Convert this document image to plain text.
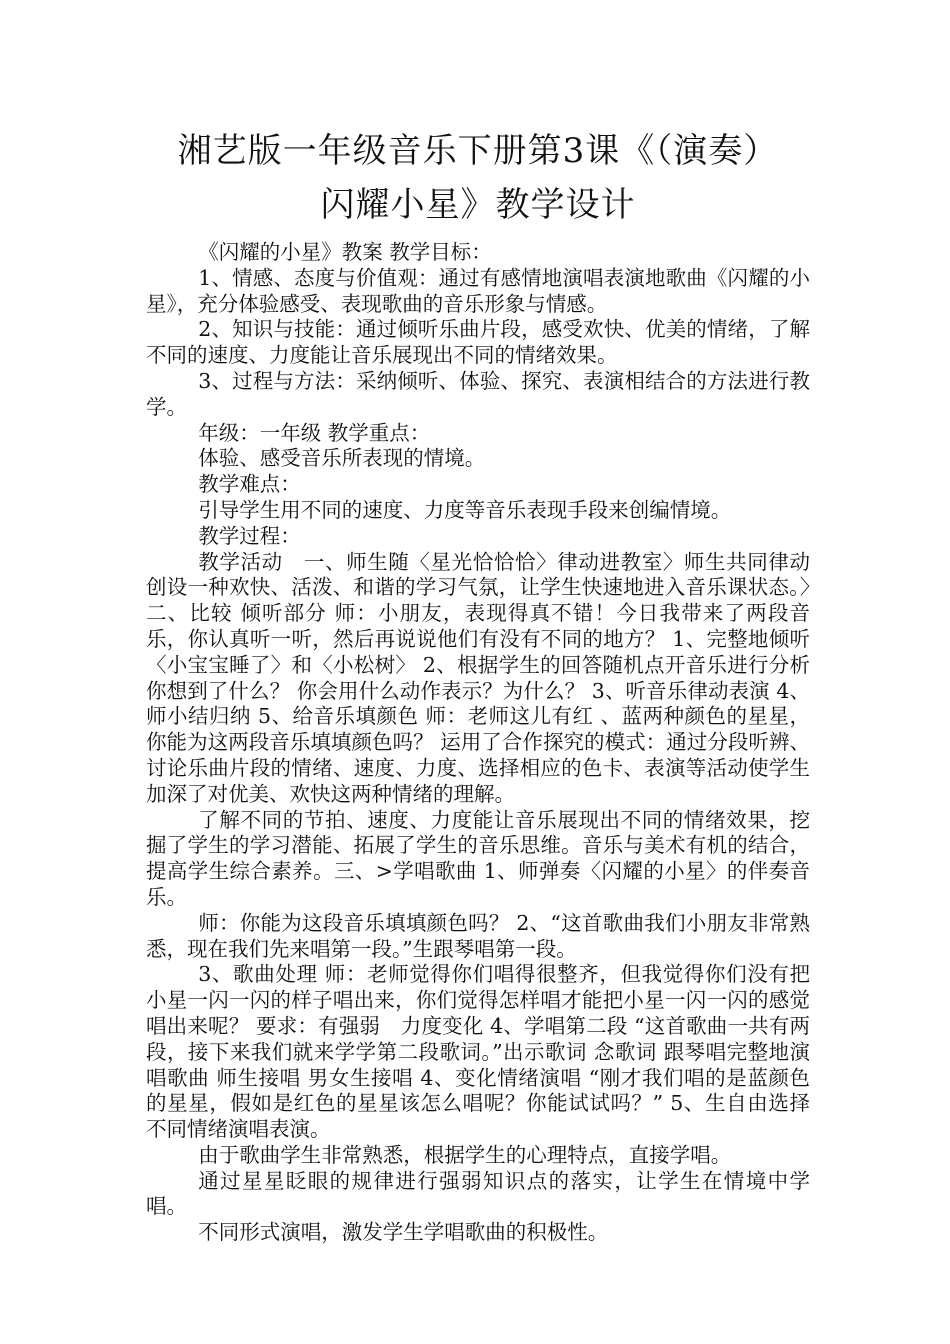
湘艺版一年级音乐下册第3课《（演奏）
闪耀小星》教学设计

《闪耀的小星》教案 教学目标：

1、情感、态度与价值观：通过有感情地演唱表演地歌曲《闪耀的小星》，充分体验感受、表现歌曲的音乐形象与情感。

2、知识与技能：通过倾听乐曲片段，感受欢快、优美的情绪，了解不同的速度、力度能让音乐展现出不同的情绪效果。

3、过程与方法：采纳倾听、体验、探究、表演相结合的方法进行教学。

年级：一年级 教学重点：

体验、感受音乐所表现的情境。

教学难点：

引导学生用不同的速度、力度等音乐表现手段来创编情境。

教学过程：

教学活动　一、师生随〈星光恰恰恰〉律动进教室〉师生共同律动创设一种欢快、活泼、和谐的学习气氛，让学生快速地进入音乐课状态。〉二、比较 倾听部分 师：小朋友，表现得真不错！今日我带来了两段音乐，你认真听一听，然后再说说他们有没有不同的地方？ 1、完整地倾听〈小宝宝睡了〉和〈小松树〉 2、根据学生的回答随机点开音乐进行分析 你想到了什么？ 你会用什么动作表示？为什么？ 3、听音乐律动表演 4、师小结归纳 5、给音乐填颜色 师：老师这儿有红 、蓝两种颜色的星星，你能为这两段音乐填填颜色吗？ 运用了合作探究的模式：通过分段听辨、讨论乐曲片段的情绪、速度、力度、选择相应的色卡、表演等活动使学生加深了对优美、欢快这两种情绪的理解。

了解不同的节拍、速度、力度能让音乐展现出不同的情绪效果，挖掘了学生的学习潜能、拓展了学生的音乐思维。音乐与美术有机的结合，提高学生综合素养。三、>学唱歌曲 1、师弹奏〈闪耀的小星〉的伴奏音乐。

师：你能为这段音乐填填颜色吗？ 2、“这首歌曲我们小朋友非常熟悉，现在我们先来唱第一段。”生跟琴唱第一段。

3、歌曲处理 师：老师觉得你们唱得很整齐，但我觉得你们没有把小星一闪一闪的样子唱出来，你们觉得怎样唱才能把小星一闪一闪的感觉唱出来呢？ 要求：有强弱　力度变化 4、学唱第二段 “这首歌曲一共有两段，接下来我们就来学学第二段歌词。”出示歌词 念歌词 跟琴唱完整地演唱歌曲 师生接唱 男女生接唱 4、变化情绪演唱 “刚才我们唱的是蓝颜色的星星，假如是红色的星星该怎么唱呢？你能试试吗？” 5、生自由选择不同情绪演唱表演。

由于歌曲学生非常熟悉，根据学生的心理特点，直接学唱。

通过星星眨眼的规律进行强弱知识点的落实，让学生在情境中学唱。

不同形式演唱，激发学生学唱歌曲的积极性。
